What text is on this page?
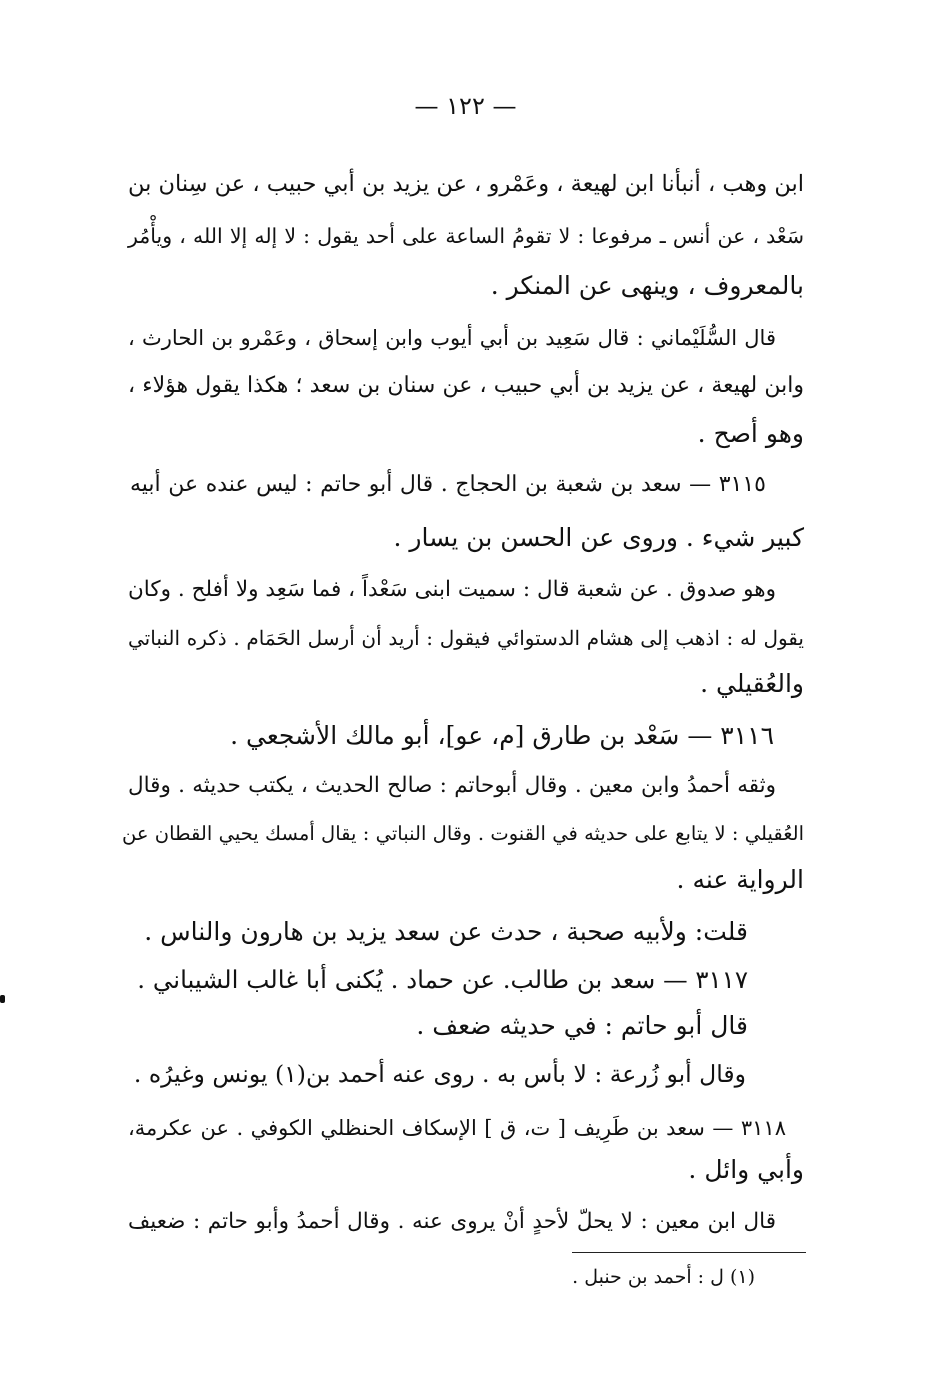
— ١٢٢ —
ابن وهب ، أنبأنا ابن لهيعة ، وعَمْرو ، عن يزيد بن أبي حبيب ، عن سِنان بن
سَعْد ، عن أنس ـ مرفوعا : لا تقومُ الساعة على أحد يقول : لا إله إلا الله ، ويأْمُر
بالمعروف ، وينهى عن المنكر .
قال السُّلَيْماني : قال سَعِيد بن أبي أيوب وابن إسحاق ، وعَمْرو بن الحارث ،
وابن لهيعة ، عن يزيد بن أبي حبيب ، عن سنان بن سعد ؛ هكذا يقول هؤلاء ،
وهو أصح .
٣١١٥ — سعد بن شعبة بن الحجاج . قال أبو حاتم : ليس عنده عن أبيه
كبير شيء . وروى عن الحسن بن يسار .
وهو صدوق . عن شعبة قال : سميت ابنى سَعْداً ، فما سَعِد ولا أفلح . وكان
يقول له : اذهب إلى هشام الدستوائي فيقول : أريد أن أرسل الحَمَام . ذكره النباتي
والعُقيلي .
٣١١٦ — سَعْد بن طارق [م، عو]، أبو مالك الأشجعي .
وثقه أحمدُ وابن معين . وقال أبوحاتم : صالح الحديث ، يكتب حديثه . وقال
العُقيلي : لا يتابع على حديثه في القنوت . وقال النباتي : يقال أمسك يحيي القطان عن
الرواية عنه .
قلت: ولأبيه صحبة ، حدث عن سعد يزيد بن هارون والناس .
٣١١٧ — سعد بن طالب. عن حماد . يُكنى أبا غالب الشيباني .
قال أبو حاتم : في حديثه ضعف .
وقال أبو زُرعة : لا بأس به . روى عنه أحمد بن(١) يونس وغيرُه .
٣١١٨ — سعد بن طَرِيف [ ت، ق ] الإسكاف الحنظلي الكوفي . عن عكرمة،
وأبي وائل .
قال ابن معين : لا يحلّ لأحدٍ أنْ يروى عنه . وقال أحمدُ وأبو حاتم : ضعيف
(١) ل : أحمد بن حنبل .
